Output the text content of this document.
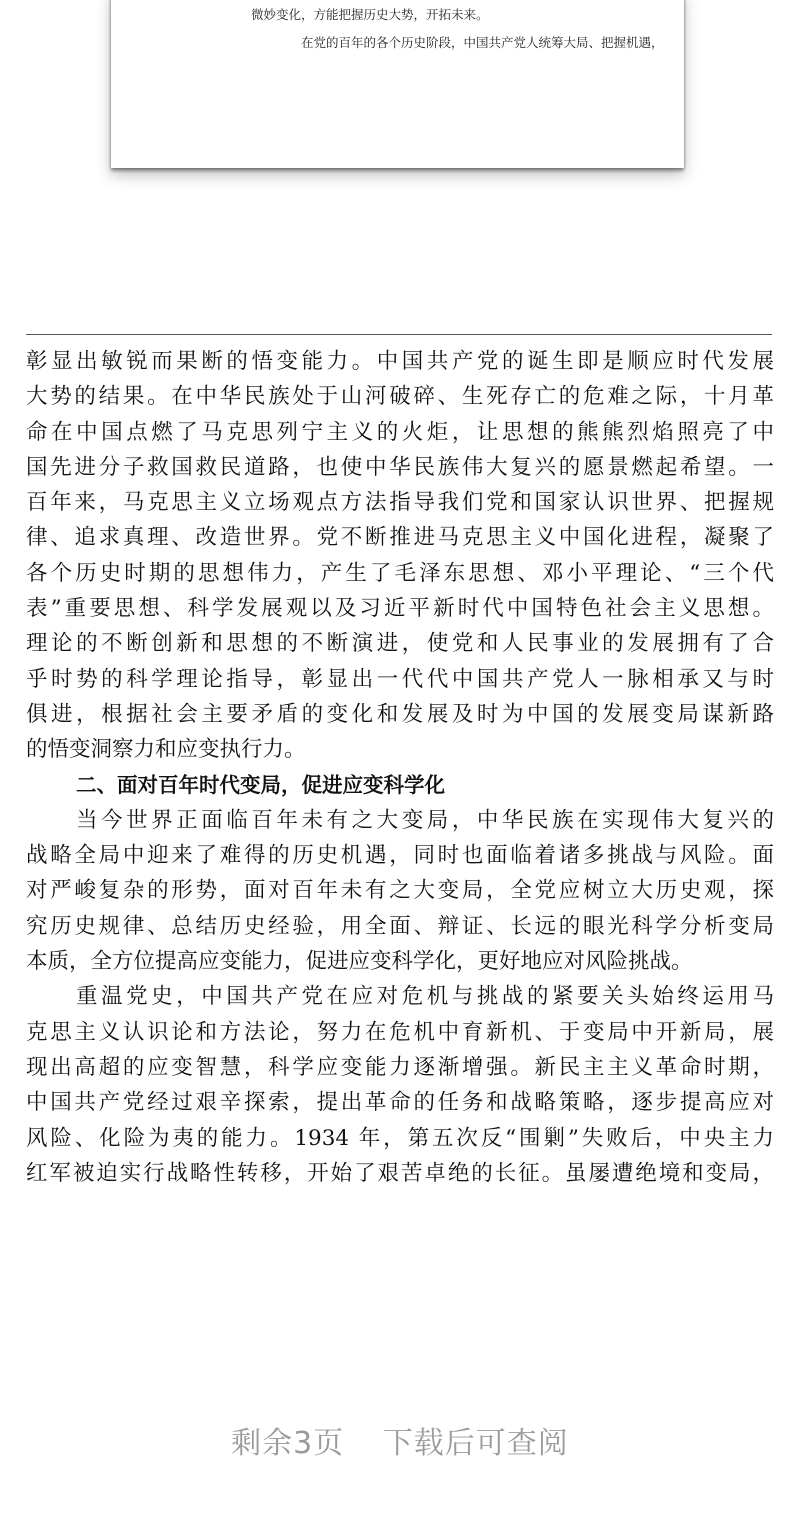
微妙变化，方能把握历史大势，开拓未来。
在党的百年的各个历史阶段，中国共产党人统筹大局、把握机遇，
彰显出敏锐而果断的悟变能力。中国共产党的诞生即是顺应时代发展
大势的结果。在中华民族处于山河破碎、生死存亡的危难之际，十月革
命在中国点燃了马克思列宁主义的火炬，让思想的熊熊烈焰照亮了中
国先进分子救国救民道路，也使中华民族伟大复兴的愿景燃起希望。一
百年来，马克思主义立场观点方法指导我们党和国家认识世界、把握规
律、追求真理、改造世界。党不断推进马克思主义中国化进程，凝聚了
各个历史时期的思想伟力，产生了毛泽东思想、邓小平理论、“三个代
表”重要思想、科学发展观以及习近平新时代中国特色社会主义思想。
理论的不断创新和思想的不断演进，使党和人民事业的发展拥有了合
乎时势的科学理论指导，彰显出一代代中国共产党人一脉相承又与时
俱进，根据社会主要矛盾的变化和发展及时为中国的发展变局谋新路
的悟变洞察力和应变执行力。
二、面对百年时代变局，促进应变科学化
当今世界正面临百年未有之大变局，中华民族在实现伟大复兴的
战略全局中迎来了难得的历史机遇，同时也面临着诸多挑战与风险。面
对严峻复杂的形势，面对百年未有之大变局，全党应树立大历史观，探
究历史规律、总结历史经验，用全面、辩证、长远的眼光科学分析变局
本质，全方位提高应变能力，促进应变科学化，更好地应对风险挑战。
重温党史，中国共产党在应对危机与挑战的紧要关头始终运用马
克思主义认识论和方法论，努力在危机中育新机、于变局中开新局，展
现出高超的应变智慧，科学应变能力逐渐增强。新民主主义革命时期，
中国共产党经过艰辛探索，提出革命的任务和战略策略，逐步提高应对
风险、化险为夷的能力。1934 年，第五次反“围剿”失败后，中央主力
红军被迫实行战略性转移，开始了艰苦卓绝的长征。虽屡遭绝境和变局，
剩余3页 下载后可查阅
